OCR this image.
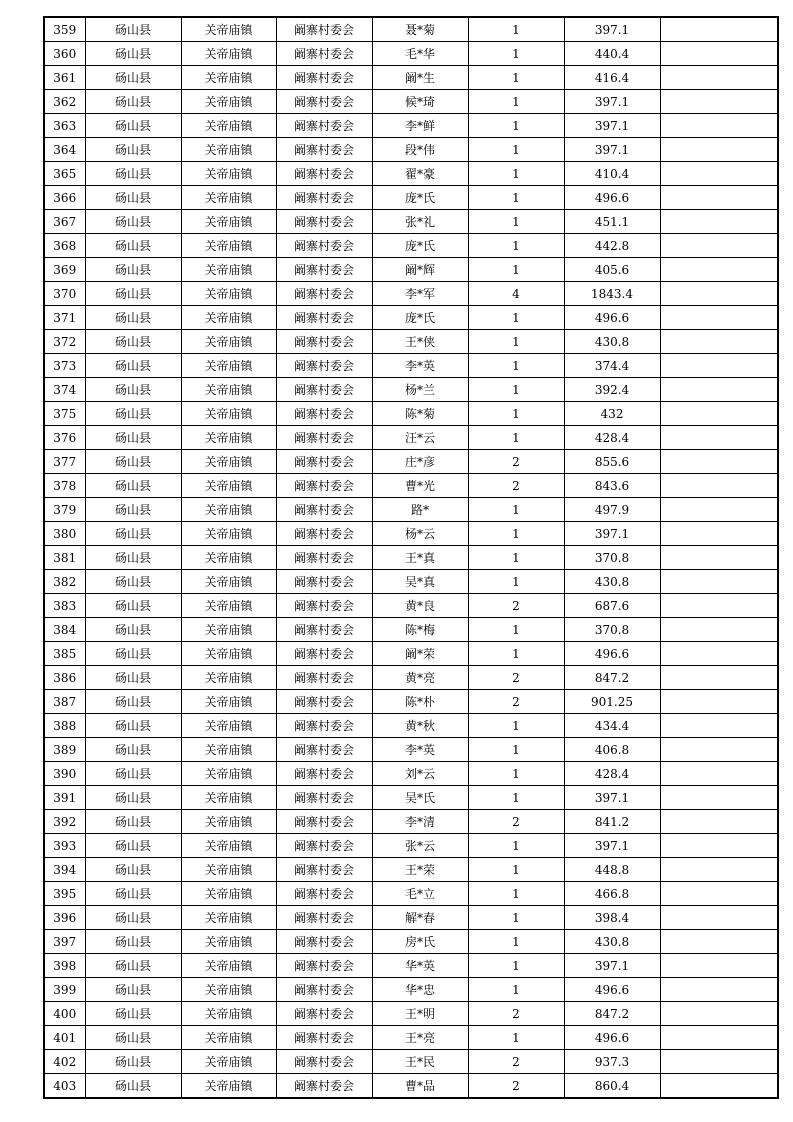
359	砀山县	关帝庙镇	阚寨村委会	聂*菊	1	397.1	
360	砀山县	关帝庙镇	阚寨村委会	毛*华	1	440.4	
361	砀山县	关帝庙镇	阚寨村委会	阚*生	1	416.4	
362	砀山县	关帝庙镇	阚寨村委会	候*琦	1	397.1	
363	砀山县	关帝庙镇	阚寨村委会	李*鲜	1	397.1	
364	砀山县	关帝庙镇	阚寨村委会	段*伟	1	397.1	
365	砀山县	关帝庙镇	阚寨村委会	翟*豪	1	410.4	
366	砀山县	关帝庙镇	阚寨村委会	庞*氏	1	496.6	
367	砀山县	关帝庙镇	阚寨村委会	张*礼	1	451.1	
368	砀山县	关帝庙镇	阚寨村委会	庞*氏	1	442.8	
369	砀山县	关帝庙镇	阚寨村委会	阚*辉	1	405.6	
370	砀山县	关帝庙镇	阚寨村委会	李*军	4	1843.4	
371	砀山县	关帝庙镇	阚寨村委会	庞*氏	1	496.6	
372	砀山县	关帝庙镇	阚寨村委会	王*侠	1	430.8	
373	砀山县	关帝庙镇	阚寨村委会	李*英	1	374.4	
374	砀山县	关帝庙镇	阚寨村委会	杨*兰	1	392.4	
375	砀山县	关帝庙镇	阚寨村委会	陈*菊	1	432	
376	砀山县	关帝庙镇	阚寨村委会	汪*云	1	428.4	
377	砀山县	关帝庙镇	阚寨村委会	庄*彦	2	855.6	
378	砀山县	关帝庙镇	阚寨村委会	曹*光	2	843.6	
379	砀山县	关帝庙镇	阚寨村委会	路*	1	497.9	
380	砀山县	关帝庙镇	阚寨村委会	杨*云	1	397.1	
381	砀山县	关帝庙镇	阚寨村委会	王*真	1	370.8	
382	砀山县	关帝庙镇	阚寨村委会	吴*真	1	430.8	
383	砀山县	关帝庙镇	阚寨村委会	黄*良	2	687.6	
384	砀山县	关帝庙镇	阚寨村委会	陈*梅	1	370.8	
385	砀山县	关帝庙镇	阚寨村委会	阚*荣	1	496.6	
386	砀山县	关帝庙镇	阚寨村委会	黄*亮	2	847.2	
387	砀山县	关帝庙镇	阚寨村委会	陈*朴	2	901.25	
388	砀山县	关帝庙镇	阚寨村委会	黄*秋	1	434.4	
389	砀山县	关帝庙镇	阚寨村委会	李*英	1	406.8	
390	砀山县	关帝庙镇	阚寨村委会	刘*云	1	428.4	
391	砀山县	关帝庙镇	阚寨村委会	吴*氏	1	397.1	
392	砀山县	关帝庙镇	阚寨村委会	李*清	2	841.2	
393	砀山县	关帝庙镇	阚寨村委会	张*云	1	397.1	
394	砀山县	关帝庙镇	阚寨村委会	王*荣	1	448.8	
395	砀山县	关帝庙镇	阚寨村委会	毛*立	1	466.8	
396	砀山县	关帝庙镇	阚寨村委会	解*春	1	398.4	
397	砀山县	关帝庙镇	阚寨村委会	房*氏	1	430.8	
398	砀山县	关帝庙镇	阚寨村委会	华*英	1	397.1	
399	砀山县	关帝庙镇	阚寨村委会	华*忠	1	496.6	
400	砀山县	关帝庙镇	阚寨村委会	王*明	2	847.2	
401	砀山县	关帝庙镇	阚寨村委会	王*亮	1	496.6	
402	砀山县	关帝庙镇	阚寨村委会	王*民	2	937.3	
403	砀山县	关帝庙镇	阚寨村委会	曹*品	2	860.4	
